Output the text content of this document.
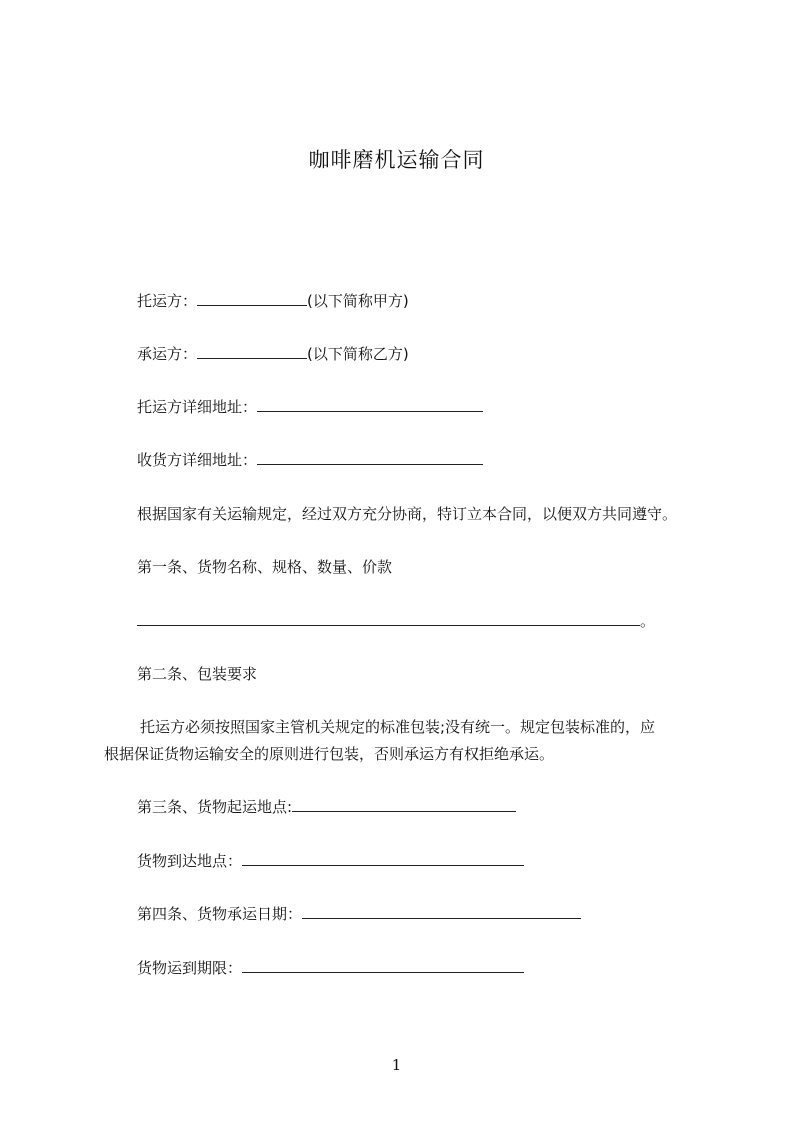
咖啡磨机运输合同
托运方：	(以下简称甲方)
承运方：	(以下简称乙方)
托运方详细地址：
收货方详细地址：
根据国家有关运输规定，经过双方充分协商，特订立本合同，以便双方共同遵守。
第一条、货物名称、规格、数量、价款
。
第二条、包装要求
托运方必须按照国家主管机关规定的标准包装;没有统一。规定包装标准的，应
根据保证货物运输安全的原则进行包装，否则承运方有权拒绝承运。
第三条、货物起运地点:
货物到达地点：
第四条、货物承运日期：
货物运到期限：
1
